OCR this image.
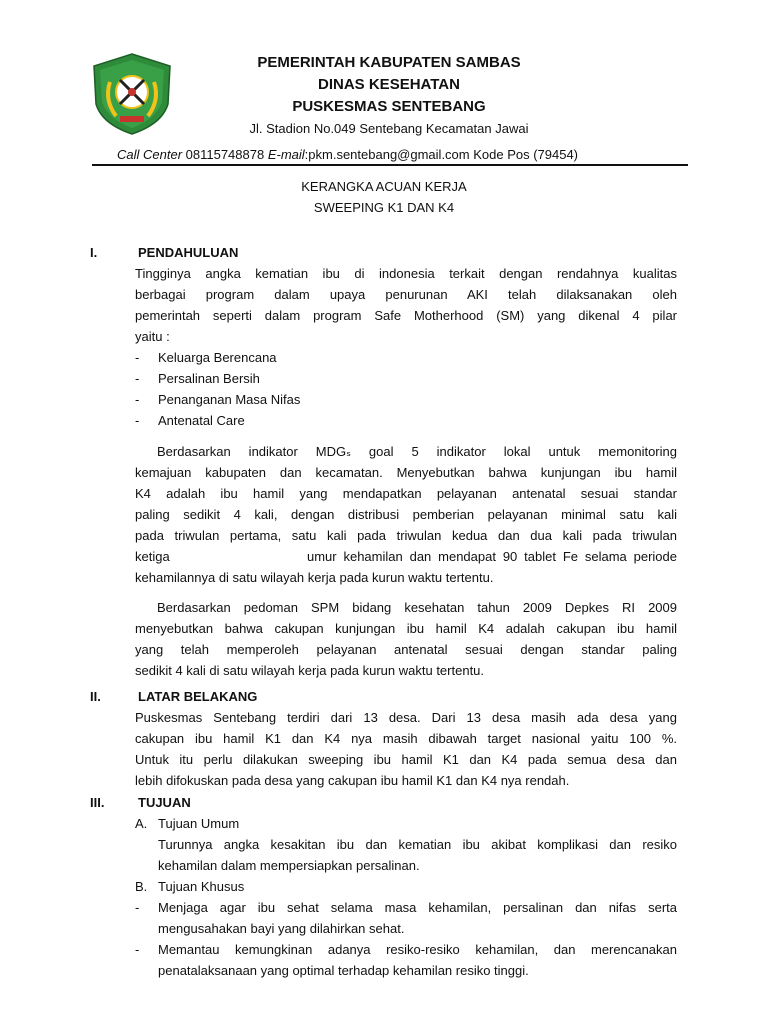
PEMERINTAH KABUPATEN SAMBAS
DINAS KESEHATAN
PUSKESMAS SENTEBANG
Jl. Stadion No.049 Sentebang Kecamatan Jawai
Call Center 08115748878 E-mail:pkm.sentebang@gmail.com Kode Pos (79454)
KERANGKA ACUAN KERJA
SWEEPING K1 DAN K4
I.	PENDAHULUAN
Tingginya angka kematian ibu di indonesia terkait dengan rendahnya kualitas
berbagai program dalam upaya penurunan AKI telah dilaksanakan oleh
pemerintah seperti dalam program Safe Motherhood (SM) yang dikenal 4 pilar
yaitu :
- Keluarga Berencana
- Persalinan Bersih
- Penanganan Masa Nifas
- Antenatal Care
Berdasarkan indikator MDGₛ goal 5 indikator lokal untuk memonitoring
kemajuan kabupaten dan kecamatan. Menyebutkan bahwa kunjungan ibu hamil
K4 adalah ibu hamil yang mendapatkan pelayanan antenatal sesuai standar
paling sedikit 4 kali, dengan distribusi pemberian pelayanan minimal satu kali
pada triwulan pertama, satu kali pada triwulan kedua dan dua kali pada triwulan
ketiga                    umur kehamilan dan mendapat 90 tablet Fe selama periode
kehamilannya di satu wilayah kerja pada kurun waktu tertentu.
Berdasarkan pedoman SPM bidang kesehatan tahun 2009 Depkes RI 2009
menyebutkan bahwa cakupan kunjungan ibu hamil K4 adalah cakupan ibu hamil
yang telah memperoleh pelayanan antenatal sesuai dengan standar paling
sedikit 4 kali di satu wilayah kerja pada kurun waktu tertentu.
II.	LATAR BELAKANG
Puskesmas Sentebang terdiri dari 13 desa. Dari 13 desa masih ada desa yang
cakupan ibu hamil K1 dan K4 nya masih dibawah target nasional yaitu 100 %.
Untuk itu perlu dilakukan sweeping ibu hamil K1 dan K4 pada semua desa dan
lebih difokuskan pada desa yang cakupan ibu hamil K1 dan K4 nya rendah.
III.	TUJUAN
A. Tujuan Umum
Turunnya angka kesakitan ibu dan kematian ibu akibat komplikasi dan resiko
kehamilan dalam mempersiapkan persalinan.
B. Tujuan Khusus
- Menjaga agar ibu sehat selama masa kehamilan, persalinan dan nifas serta
mengusahakan bayi yang dilahirkan sehat.
- Memantau kemungkinan adanya resiko-resiko kehamilan, dan merencanakan
penatalaksanaan yang optimal terhadap kehamilan resiko tinggi.
